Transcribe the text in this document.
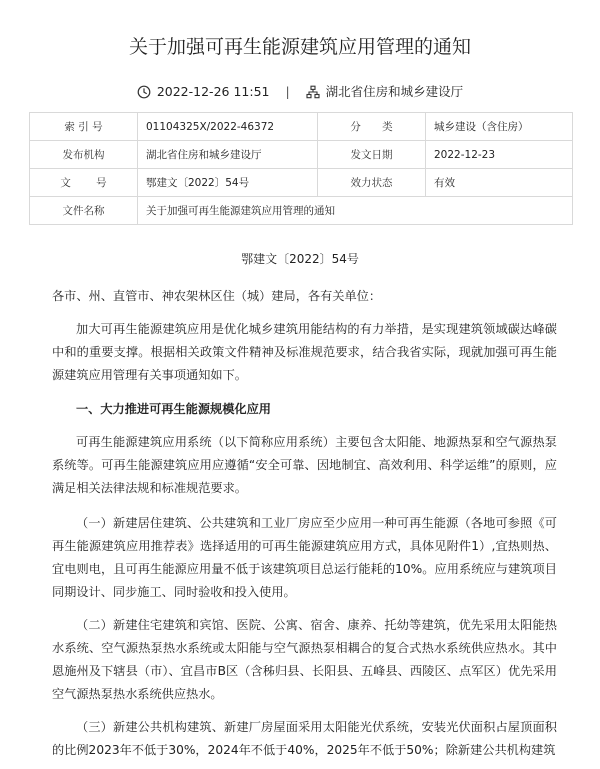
关于加强可再生能源建筑应用管理的通知
2022-12-26 11:51 |	湖北省住房和城乡建设厅
索 引 号	01104325X/2022-46372	分 类	城乡建设（含住房）
发布机构	湖北省住房和城乡建设厅	发文日期	2022-12-23
文 号	鄂建文〔2022〕54号	效力状态	有效
文件名称	关于加强可再生能源建筑应用管理的通知		
鄂建文〔2022〕54号

各市、州、直管市、神农架林区住（城）建局，各有关单位：

加大可再生能源建筑应用是优化城乡建筑用能结构的有力举措，是实现建筑领域碳达峰碳中和的重要支撑。根据相关政策文件精神及标准规范要求，结合我省实际，现就加强可再生能源建筑应用管理有关事项通知如下。

一、大力推进可再生能源规模化应用

可再生能源建筑应用系统（以下简称应用系统）主要包含太阳能、地源热泵和空气源热泵系统等。可再生能源建筑应用应遵循“安全可靠、因地制宜、高效利用、科学运维”的原则，应满足相关法律法规和标准规范要求。

（一）新建居住建筑、公共建筑和工业厂房应至少应用一种可再生能源（各地可参照《可再生能源建筑应用推荐表》选择适用的可再生能源建筑应用方式，具体见附件1）,宜热则热、宜电则电，且可再生能源应用量不低于该建筑项目总运行能耗的10%。应用系统应与建筑项目同期设计、同步施工、同时验收和投入使用。

（二）新建住宅建筑和宾馆、医院、公寓、宿舍、康养、托幼等建筑，优先采用太阳能热水系统、空气源热泵热水系统或太阳能与空气源热泵相耦合的复合式热水系统供应热水。其中恩施州及下辖县（市）、宜昌市B区（含秭归县、长阳县、五峰县、西陵区、点军区）优先采用空气源热泵热水系统供应热水。

（三）新建公共机构建筑、新建厂房屋面采用太阳能光伏系统，安装光伏面积占屋顶面积的比例2023年不低于30%，2024年不低于40%，2025年不低于50%；除新建公共机构建筑
